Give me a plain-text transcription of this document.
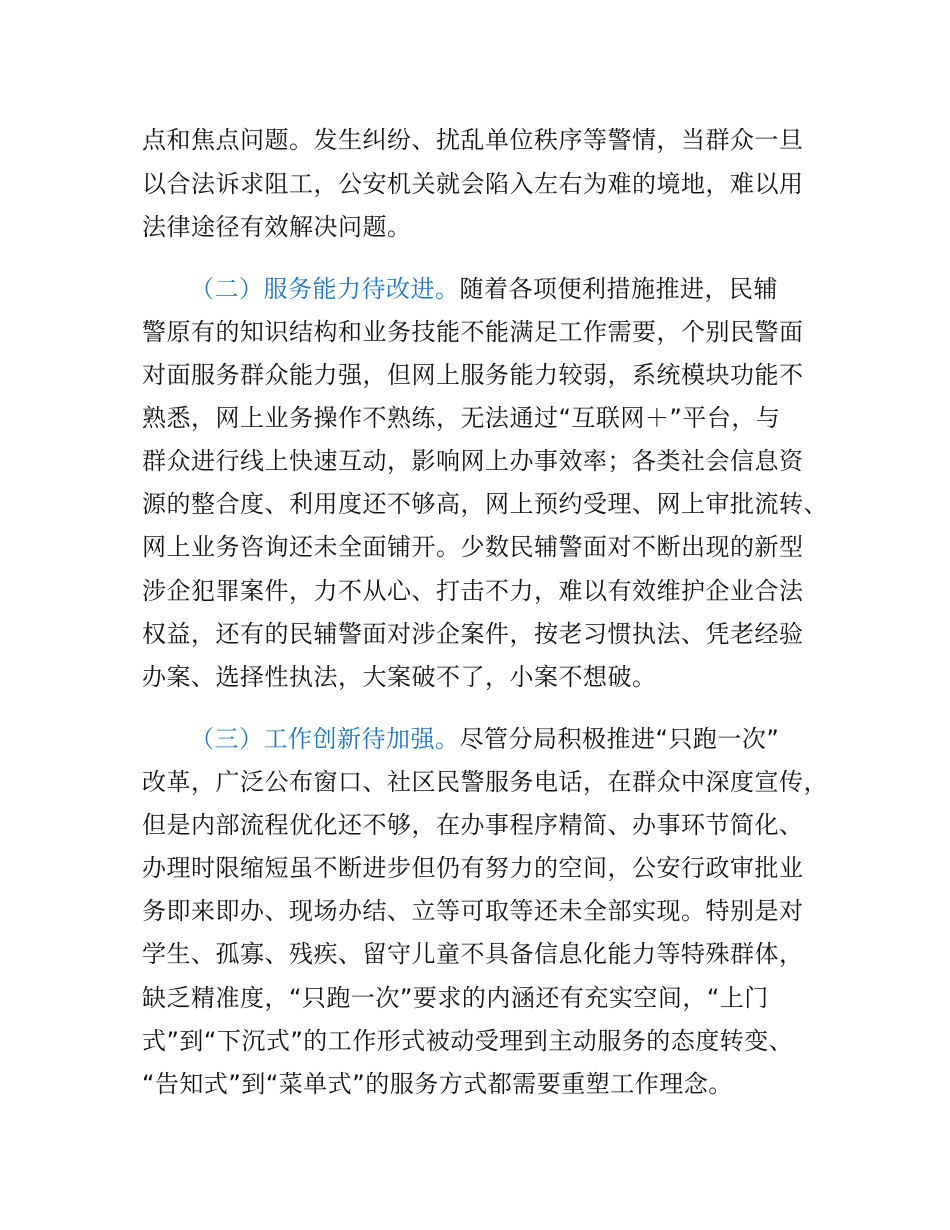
点和焦点问题。发生纠纷、扰乱单位秩序等警情，当群众一旦
以合法诉求阻工，公安机关就会陷入左右为难的境地，难以用
法律途径有效解决问题。
（二）服务能力待改进。随着各项便利措施推进，民辅
警原有的知识结构和业务技能不能满足工作需要，个别民警面
对面服务群众能力强，但网上服务能力较弱，系统模块功能不
熟悉，网上业务操作不熟练，无法通过“互联网＋”平台，与
群众进行线上快速互动，影响网上办事效率；各类社会信息资
源的整合度、利用度还不够高，网上预约受理、网上审批流转、
网上业务咨询还未全面铺开。少数民辅警面对不断出现的新型
涉企犯罪案件，力不从心、打击不力，难以有效维护企业合法
权益，还有的民辅警面对涉企案件，按老习惯执法、凭老经验
办案、选择性执法，大案破不了，小案不想破。
（三）工作创新待加强。尽管分局积极推进“只跑一次”
改革，广泛公布窗口、社区民警服务电话，在群众中深度宣传，
但是内部流程优化还不够，在办事程序精简、办事环节简化、
办理时限缩短虽不断进步但仍有努力的空间，公安行政审批业
务即来即办、现场办结、立等可取等还未全部实现。特别是对
学生、孤寡、残疾、留守儿童不具备信息化能力等特殊群体，
缺乏精准度，“只跑一次”要求的内涵还有充实空间，“上门
式”到“下沉式”的工作形式被动受理到主动服务的态度转变、
“告知式”到“菜单式”的服务方式都需要重塑工作理念。
